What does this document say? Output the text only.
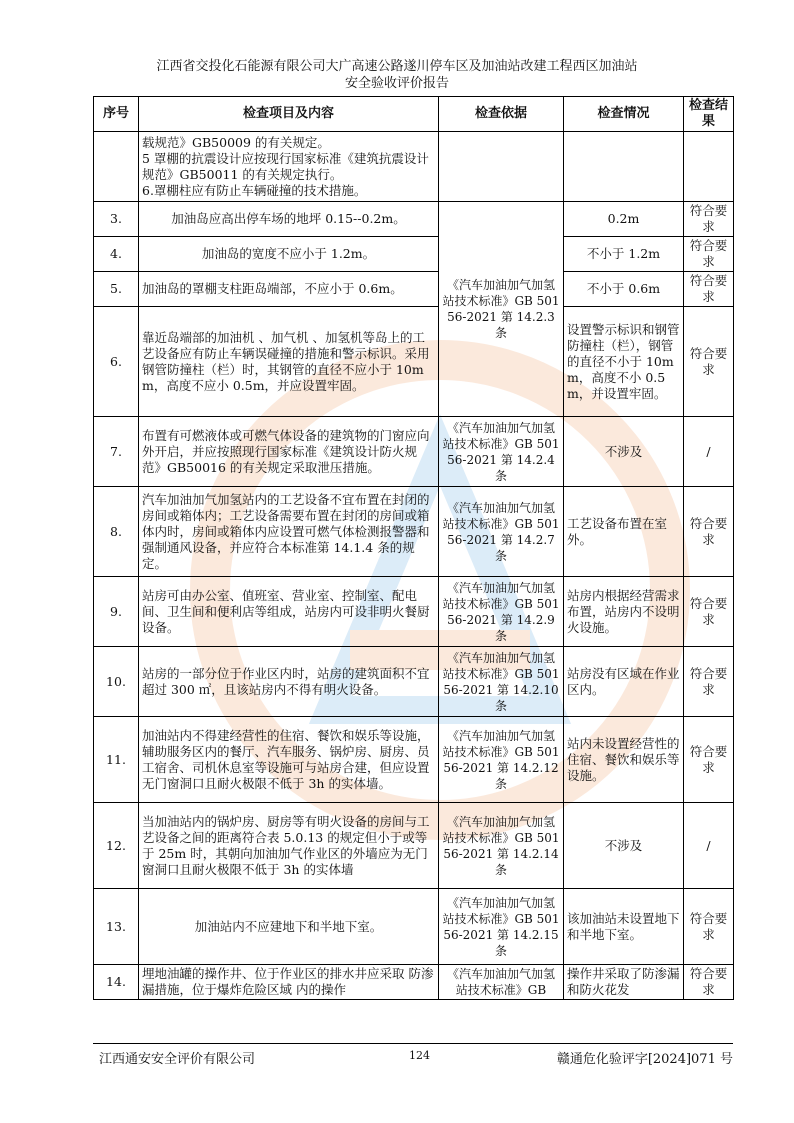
江西省交投化石能源有限公司大广高速公路遂川停车区及加油站改建工程西区加油站
安全验收评价报告
序号	检查项目及内容	检查依据	检查情况	检查结果
	载规范》GB50009 的有关规定。
5 罩棚的抗震设计应按现行国家标准《建筑抗震设计规范》GB50011 的有关规定执行。
6.罩棚柱应有防止车辆碰撞的技术措施。			
3.	加油岛应高出停车场的地坪 0.15--0.2m。	《汽车加油加气加氢站技术标准》GB 50156-2021 第 14.2.3 条	0.2m	符合要求
4.	加油岛的宽度不应小于 1.2m。		不小于 1.2m	符合要求
5.	加油岛的罩棚支柱距岛端部，不应小于 0.6m。		不小于 0.6m	符合要求
6.	靠近岛端部的加油机 、加气机 、加氢机等岛上的工艺设备应有防止车辆误碰撞的措施和警示标识。采用钢管防撞柱（栏）时，其钢管的直径不应小于 10mm，高度不应小 0.5m，并应设置牢固。		设置警示标识和钢管防撞柱（栏），钢管的直径不小于 10mm，高度不小 0.5m，并设置牢固。	符合要求
7.	布置有可燃液体或可燃气体设备的建筑物的门窗应向外开启，并应按照现行国家标准《建筑设计防火规范》GB50016 的有关规定采取泄压措施。	《汽车加油加气加氢站技术标准》GB 50156-2021 第 14.2.4 条	不涉及	/
8.	汽车加油加气加氢站内的工艺设备不宜布置在封闭的房间或箱体内；工艺设备需要布置在封闭的房间或箱体内时，房间或箱体内应设置可燃气体检测报警器和强制通风设备，并应符合本标准第 14.1.4 条的规定。	《汽车加油加气加氢站技术标准》GB 50156-2021 第 14.2.7 条	工艺设备布置在室外。	符合要求
9.	站房可由办公室、值班室、营业室、控制室、配电间、卫生间和便利店等组成，站房内可设非明火餐厨设备。	《汽车加油加气加氢站技术标准》GB 50156-2021 第 14.2.9 条	站房内根据经营需求布置，站房内不设明火设施。	符合要求
10.	站房的一部分位于作业区内时，站房的建筑面积不宜超过 300 ㎡，且该站房内不得有明火设备。	《汽车加油加气加氢站技术标准》GB 50156-2021 第 14.2.10 条	站房没有区域在作业区内。	符合要求
11.	加油站内不得建经营性的住宿、餐饮和娱乐等设施，辅助服务区内的餐厅、汽车服务、锅炉房、厨房、员工宿舍、司机休息室等设施可与站房合建，但应设置无门窗洞口且耐火极限不低于 3h 的实体墙。	《汽车加油加气加氢站技术标准》GB 50156-2021 第 14.2.12 条	站内未设置经营性的住宿、餐饮和娱乐等设施。	符合要求
12.	当加油站内的锅炉房、厨房等有明火设备的房间与工艺设备之间的距离符合表 5.0.13 的规定但小于或等于 25m 时，其朝向加油加气作业区的外墙应为无门窗洞口且耐火极限不低于 3h 的实体墙	《汽车加油加气加氢站技术标准》GB 50156-2021 第 14.2.14 条	不涉及	/
13.	加油站内不应建地下和半地下室。	《汽车加油加气加氢站技术标准》GB 50156-2021 第 14.2.15 条	该加油站未设置地下和半地下室。	符合要求
14.	埋地油罐的操作井、位于作业区的排水井应采取 防渗漏措施，位于爆炸危险区域 内的操作	《汽车加油加气加氢站技术标准》GB	操作井采取了防渗漏和防火花发	符合要求
江西通安安全评价有限公司	124	赣通危化验评字[2024]071 号
